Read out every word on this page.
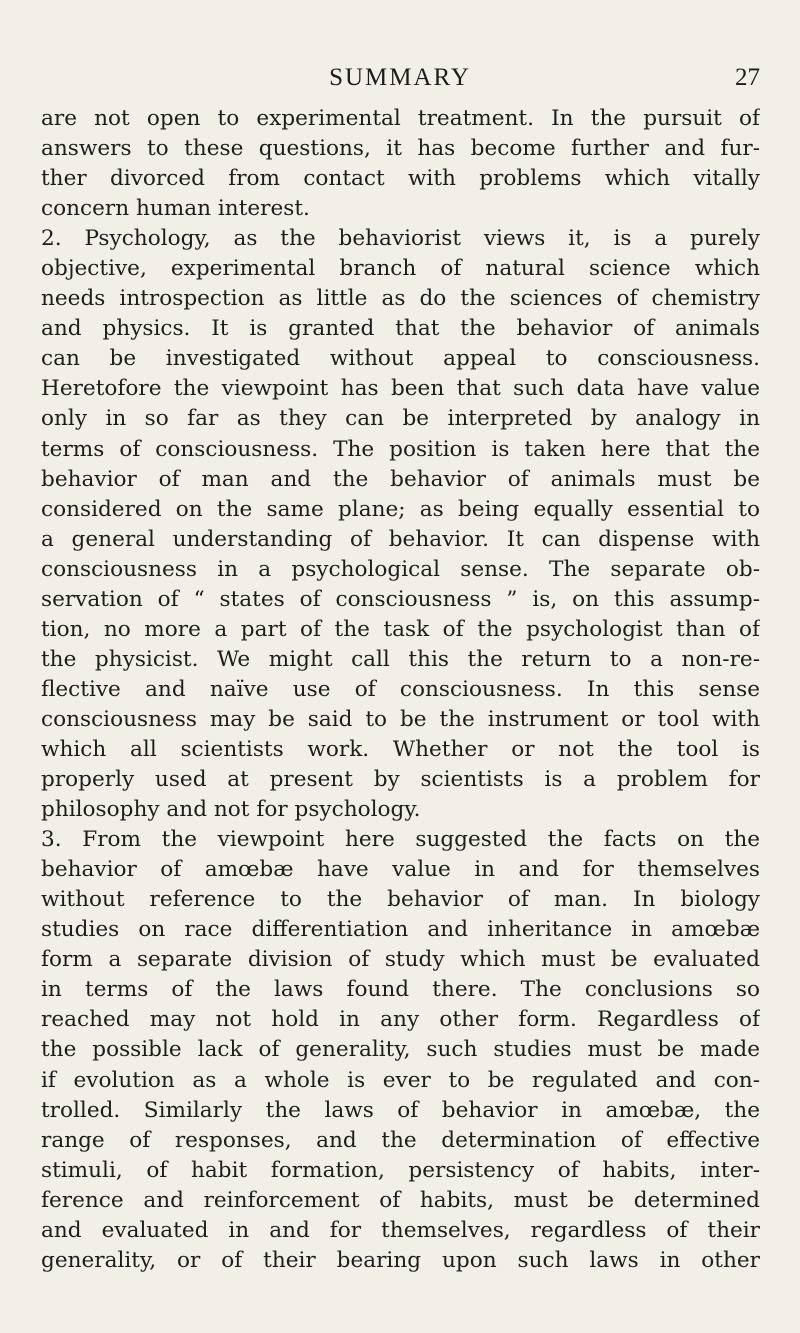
SUMMARY	27
are not open to experimental treatment. In the pursuit of
answers to these questions, it has become further and fur-
ther divorced from contact with problems which vitally
concern human interest.
2. Psychology, as the behaviorist views it, is a purely
objective, experimental branch of natural science which
needs introspection as little as do the sciences of chemistry
and physics. It is granted that the behavior of animals
can be investigated without appeal to consciousness.
Heretofore the viewpoint has been that such data have value
only in so far as they can be interpreted by analogy in
terms of consciousness. The position is taken here that the
behavior of man and the behavior of animals must be
considered on the same plane; as being equally essential to
a general understanding of behavior. It can dispense with
consciousness in a psychological sense. The separate ob-
servation of “ states of consciousness ” is, on this assump-
tion, no more a part of the task of the psychologist than of
the physicist. We might call this the return to a non-re-
flective and naïve use of consciousness. In this sense
consciousness may be said to be the instrument or tool with
which all scientists work. Whether or not the tool is
properly used at present by scientists is a problem for
philosophy and not for psychology.
3. From the viewpoint here suggested the facts on the
behavior of amœbæ have value in and for themselves
without reference to the behavior of man. In biology
studies on race differentiation and inheritance in amœbæ
form a separate division of study which must be evaluated
in terms of the laws found there. The conclusions so
reached may not hold in any other form. Regardless of
the possible lack of generality, such studies must be made
if evolution as a whole is ever to be regulated and con-
trolled. Similarly the laws of behavior in amœbæ, the
range of responses, and the determination of effective
stimuli, of habit formation, persistency of habits, inter-
ference and reinforcement of habits, must be determined
and evaluated in and for themselves, regardless of their
generality, or of their bearing upon such laws in other
